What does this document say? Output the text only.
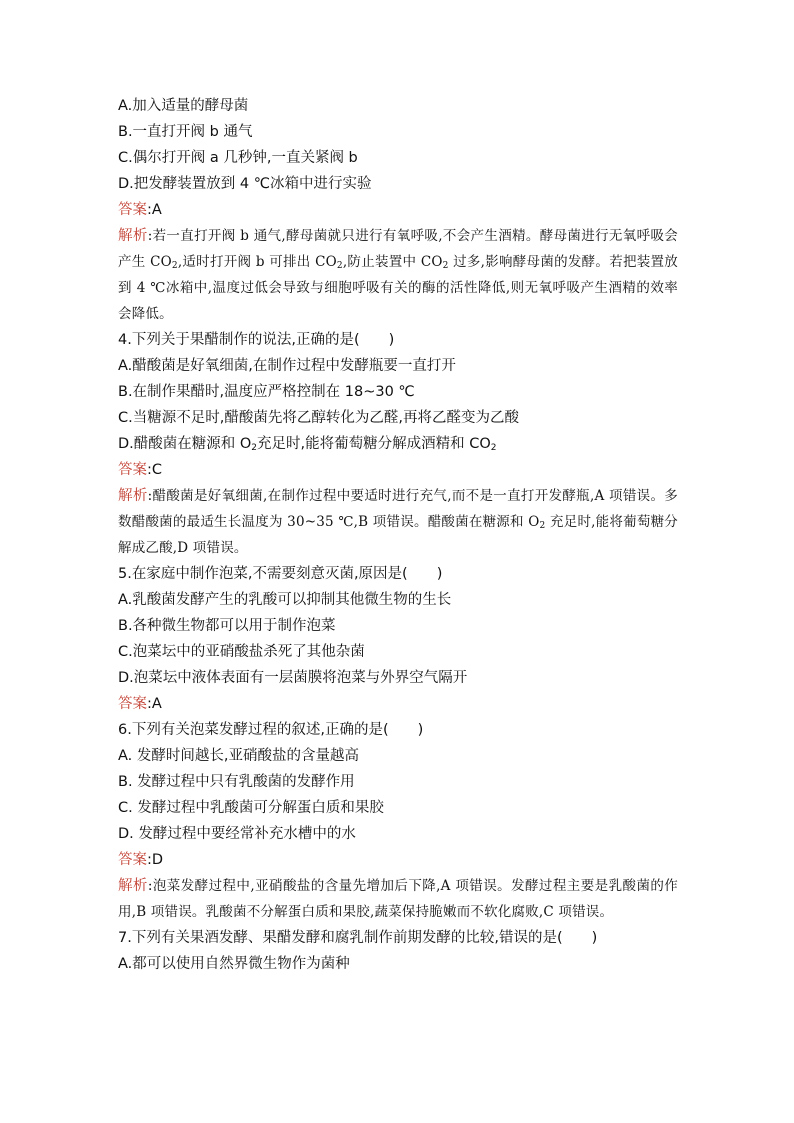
A.加入适量的酵母菌
B.一直打开阀 b 通气
C.偶尔打开阀 a 几秒钟,一直关紧阀 b
D.把发酵装置放到 4 ℃冰箱中进行实验
答案:A
解析:若一直打开阀 b 通气,酵母菌就只进行有氧呼吸,不会产生酒精。酵母菌进行无氧呼吸会产生 $CO_2$,适时打开阀 b 可排出 $CO_2$,防止装置中 $CO_2$ 过多,影响酵母菌的发酵。若把装置放到 4 ℃冰箱中,温度过低会导致与细胞呼吸有关的酶的活性降低,则无氧呼吸产生酒精的效率会降低。
4.下列关于果醋制作的说法,正确的是(　　)
A.醋酸菌是好氧细菌,在制作过程中发酵瓶要一直打开
B.在制作果醋时,温度应严格控制在 18~30 ℃
C.当糖源不足时,醋酸菌先将乙醇转化为乙醛,再将乙醛变为乙酸
D.醋酸菌在糖源和 $O_2$充足时,能将葡萄糖分解成酒精和 $CO_2$
答案:C
解析:醋酸菌是好氧细菌,在制作过程中要适时进行充气,而不是一直打开发酵瓶,A 项错误。多数醋酸菌的最适生长温度为 30~35 ℃,B 项错误。醋酸菌在糖源和 $O_2$ 充足时,能将葡萄糖分解成乙酸,D 项错误。
5.在家庭中制作泡菜,不需要刻意灭菌,原因是(　　)
A.乳酸菌发酵产生的乳酸可以抑制其他微生物的生长
B.各种微生物都可以用于制作泡菜
C.泡菜坛中的亚硝酸盐杀死了其他杂菌
D.泡菜坛中液体表面有一层菌膜将泡菜与外界空气隔开
答案:A
6.下列有关泡菜发酵过程的叙述,正确的是(　　)
A. 发酵时间越长,亚硝酸盐的含量越高
B. 发酵过程中只有乳酸菌的发酵作用
C. 发酵过程中乳酸菌可分解蛋白质和果胶
D. 发酵过程中要经常补充水槽中的水
答案:D
解析:泡菜发酵过程中,亚硝酸盐的含量先增加后下降,A 项错误。发酵过程主要是乳酸菌的作用,B 项错误。乳酸菌不分解蛋白质和果胶,蔬菜保持脆嫩而不软化腐败,C 项错误。
7.下列有关果酒发酵、果醋发酵和腐乳制作前期发酵的比较,错误的是(　　)
A.都可以使用自然界微生物作为菌种
